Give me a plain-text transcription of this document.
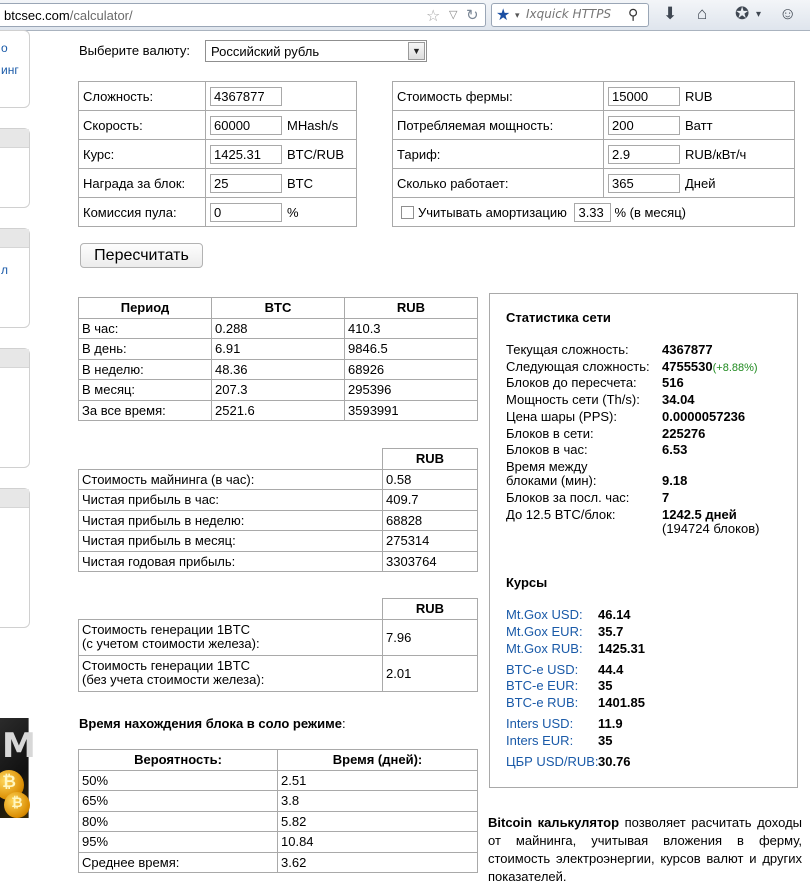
btcsec.com/calculator/	☆ ▽ ↻ ★ ▾
Ixquick HTTPS	⚲ ⬇ ⌂ ✪ ▾ ☺
о
инг
л
M
₿
₿
Выберите валюту:	Российский рубль	▼
Сложность:	4367877
Скорость:	60000 MHash/s
Курс:	1425.31 BTC/RUB
Награда за блок:	25 BTC
Комиссия пула:	0 %
Стоимость фермы:	15000 RUB
Потребляемая мощность:	200 Ватт
Тариф:	2.9 RUB/кВт/ч
Сколько работает:	365 Дней
Учитывать амортизацию 3.33 % (в месяц)	
Пересчитать
Период	BTC	RUB
В час:	0.288	410.3
В день:	6.91	9846.5
В неделю:	48.36	68926
В месяц:	207.3	295396
За все время:	2521.6	3593991
	RUB
Стоимость майнинга (в час):	0.58
Чистая прибыль в час:	409.7
Чистая прибыль в неделю:	68828
Чистая прибыль в месяц:	275314
Чистая годовая прибыль:	3303764
	RUB
Стоимость генерации 1BTC
(с учетом стоимости железа):	7.96
Стоимость генерации 1BTC
(без учета стоимости железа):	2.01
Время нахождения блока в соло режиме:
Вероятность:	Время (дней):
50%	2.51
65%	3.8
80%	5.82
95%	10.84
Среднее время:	3.62
Статистика сети
Текущая сложность:	4367877
Следующая сложность: 4755530(+8.88%)
Блоков до пересчета: 516
Мощность сети (Th/s): 34.04
Цена шары (PPS):	0.0000057236
Блоков в сети:	225276
Блоков в час:	6.53
Время между
блоками (мин):	9.18
Блоков за посл. час:	7
До 12.5 BTC/блок:	1242.5 дней
(194724 блоков)
Курсы
Mt.Gox USD: 46.14
Mt.Gox EUR: 35.7
Mt.Gox RUB: 1425.31
BTC-e USD: 44.4
BTC-e EUR: 35
BTC-e RUB: 1401.85
Inters USD: 11.9
Inters EUR: 35
ЦБР USD/RUB: 30.76
Bitcoin калькулятор позволяет расчитать доходы от майнинга, учитывая вложения в ферму, стоимость электроэнергии, курсов валют и других показателей.
